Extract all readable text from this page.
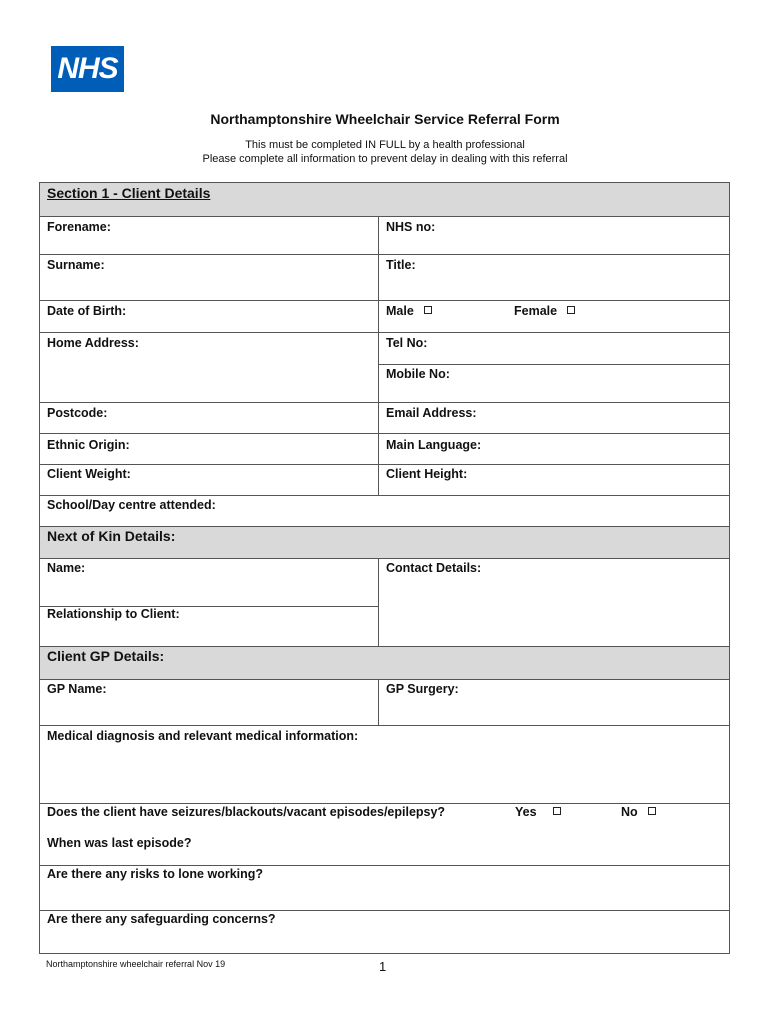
NHS
Northamptonshire Wheelchair Service Referral Form
This must be completed IN FULL by a health professional
Please complete all information to prevent delay in dealing with this referral
Section 1 - Client Details
Forename:	NHS no:
Surname:	Title:
Date of Birth:	Male	Female
Home Address:	Tel No:
Mobile No:
Postcode:	Email Address:
Ethnic Origin:	Main Language:
Client Weight:	Client Height:
School/Day centre attended:
Next of Kin Details:
Name:	Contact Details:
Relationship to Client:
Client GP Details:
GP Name:	GP Surgery:
Medical diagnosis and relevant medical information:
Does the client have seizures/blackouts/vacant episodes/epilepsy?	Yes	No
When was last episode?
Are there any risks to lone working?
Are there any safeguarding concerns?
Northamptonshire wheelchair referral Nov 19	1
